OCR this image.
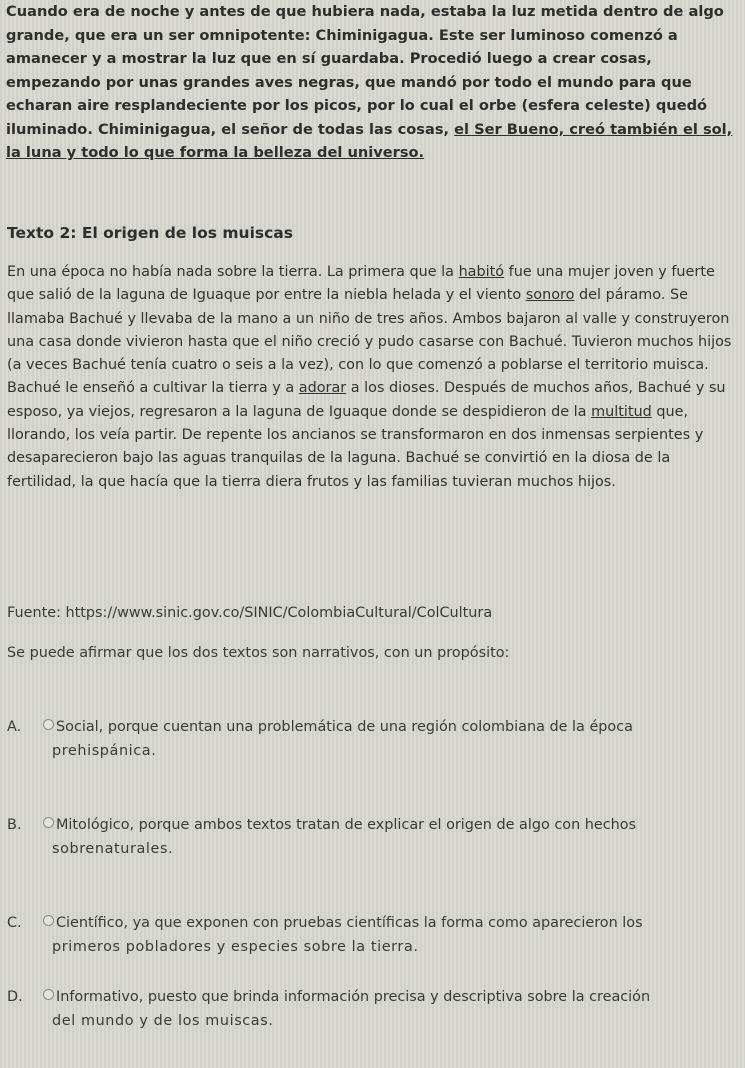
Cuando era de noche y antes de que hubiera nada, estaba la luz metida dentro de algo grande, que era un ser omnipotente: Chiminigagua. Este ser luminoso comenzó a amanecer y a mostrar la luz que en sí guardaba. Procedió luego a crear cosas, empezando por unas grandes aves negras, que mandó por todo el mundo para que echaran aire resplandeciente por los picos, por lo cual el orbe (esfera celeste) quedó iluminado. Chiminigagua, el señor de todas las cosas, el Ser Bueno, creó también el sol, la luna y todo lo que forma la belleza del universo.
Texto 2: El origen de los muiscas
En una época no había nada sobre la tierra. La primera que la habitó fue una mujer joven y fuerte que salió de la laguna de Iguaque por entre la niebla helada y el viento sonoro del páramo. Se llamaba Bachué y llevaba de la mano a un niño de tres años. Ambos bajaron al valle y construyeron una casa donde vivieron hasta que el niño creció y pudo casarse con Bachué. Tuvieron muchos hijos (a veces Bachué tenía cuatro o seis a la vez), con lo que comenzó a poblarse el territorio muisca. Bachué le enseñó a cultivar la tierra y a adorar a los dioses. Después de muchos años, Bachué y su esposo, ya viejos, regresaron a la laguna de Iguaque donde se despidieron de la multitud que, llorando, los veía partir. De repente los ancianos se transformaron en dos inmensas serpientes y desaparecieron bajo las aguas tranquilas de la laguna. Bachué se convirtió en la diosa de la fertilidad, la que hacía que la tierra diera frutos y las familias tuvieran muchos hijos.
Fuente: https://www.sinic.gov.co/SINIC/ColombiaCultural/ColCultura
Se puede afirmar que los dos textos son narrativos, con un propósito:
A. Social, porque cuentan una problemática de una región colombiana de la época
prehispánica.
B. Mitológico, porque ambos textos tratan de explicar el origen de algo con hechos
sobrenaturales.
C. Científico, ya que exponen con pruebas científicas la forma como aparecieron los
primeros pobladores y especies sobre la tierra.
D. Informativo, puesto que brinda información precisa y descriptiva sobre la creación
del mundo y de los muiscas.
